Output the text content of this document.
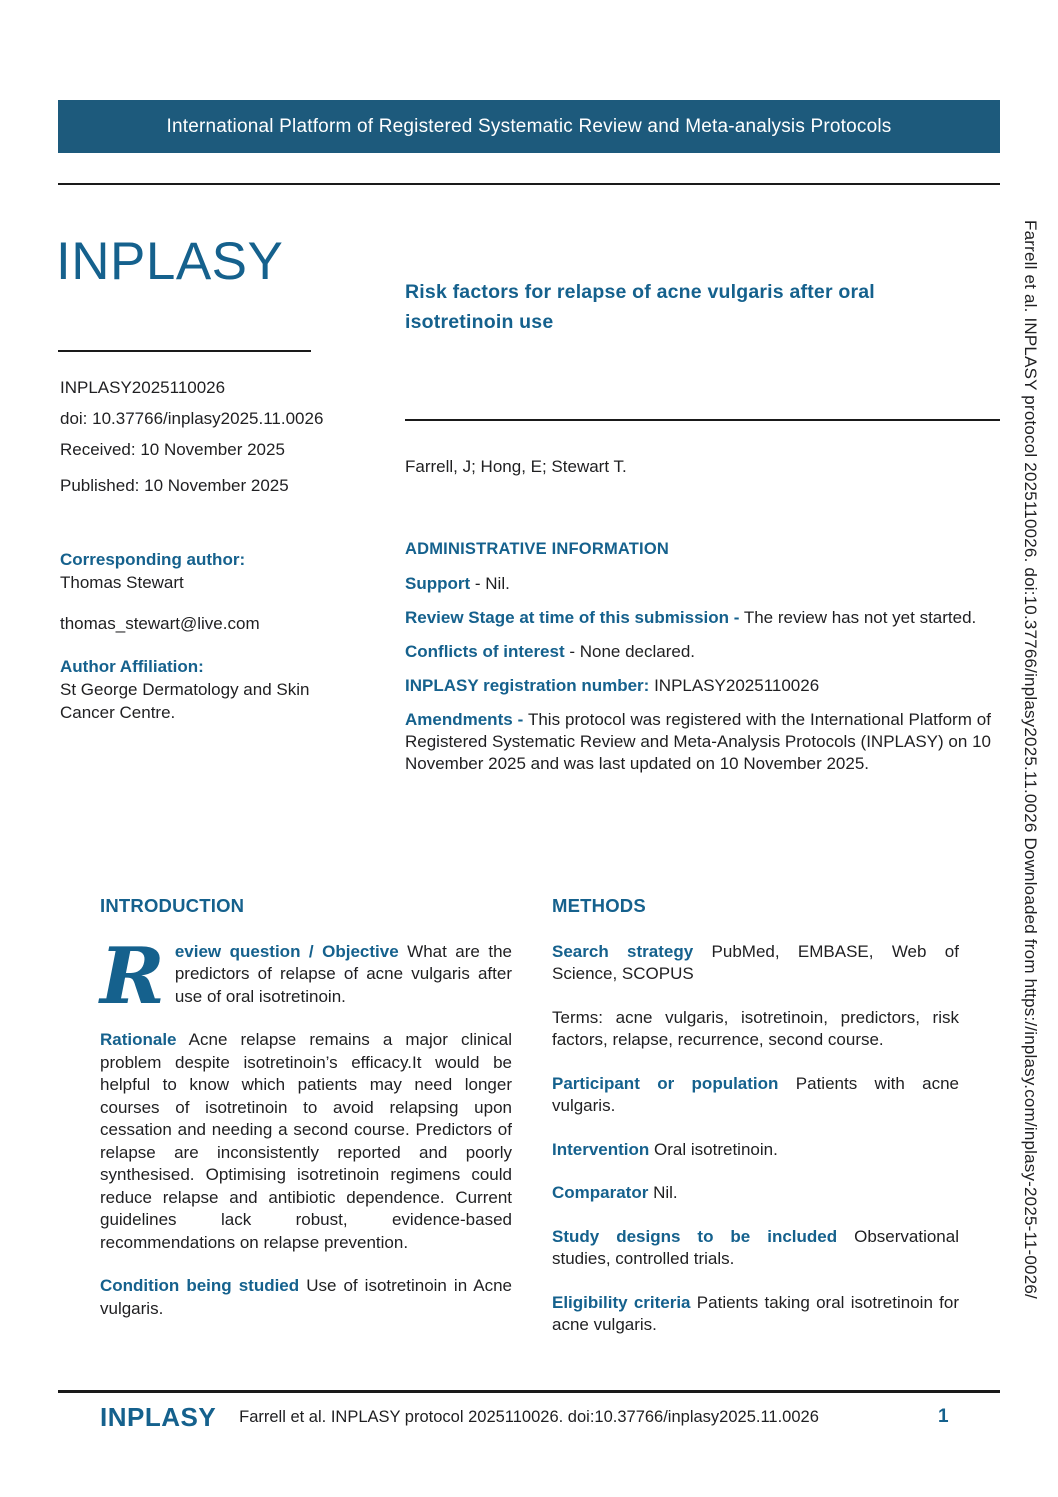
International Platform of Registered Systematic Review and Meta-analysis Protocols
INPLASY

INPLASY2025110026

doi: 10.37766/inplasy2025.11.0026

Received: 10 November 2025

Published: 10 November 2025

Corresponding author:

Thomas Stewart

thomas_stewart@live.com

Author Affiliation:

St George Dermatology and Skin Cancer Centre.

Risk factors for relapse of acne vulgaris after oral isotretinoin use

Farrell, J; Hong, E; Stewart T.

ADMINISTRATIVE INFORMATION

Support - Nil.

Review Stage at time of this submission - The review has not yet started.

Conflicts of interest - None declared.

INPLASY registration number: INPLASY2025110026

Amendments - This protocol was registered with the International Platform of Registered Systematic Review and Meta-Analysis Protocols (INPLASY) on 10 November 2025 and was last updated on 10 November 2025.

INTRODUCTION

Review question / Objective What are the predictors of relapse of acne vulgaris after use of oral isotretinoin.

Rationale Acne relapse remains a major clinical problem despite isotretinoin’s efficacy.It would be helpful to know which patients may need longer courses of isotretinoin to avoid relapsing upon cessation and needing a second course. Predictors of relapse are inconsistently reported and poorly synthesised. Optimising isotretinoin regimens could reduce relapse and antibiotic dependence. Current guidelines lack robust, evidence-based recommendations on relapse prevention.

Condition being studied Use of isotretinoin in Acne vulgaris.

METHODS

Search strategy PubMed, EMBASE, Web of Science, SCOPUS

Terms: acne vulgaris, isotretinoin, predictors, risk factors, relapse, recurrence, second course.

Participant or population Patients with acne vulgaris.

Intervention Oral isotretinoin.

Comparator Nil.

Study designs to be included Observational studies, controlled trials.

Eligibility criteria Patients taking oral isotretinoin for acne vulgaris.

INPLASY	Farrell et al. INPLASY protocol 2025110026. doi:10.37766/inplasy2025.11.0026	1

Farrell et al. INPLASY protocol 2025110026. doi:10.37766/inplasy2025.11.0026 Downloaded from https://inplasy.com/inplasy-2025-11-0026/
